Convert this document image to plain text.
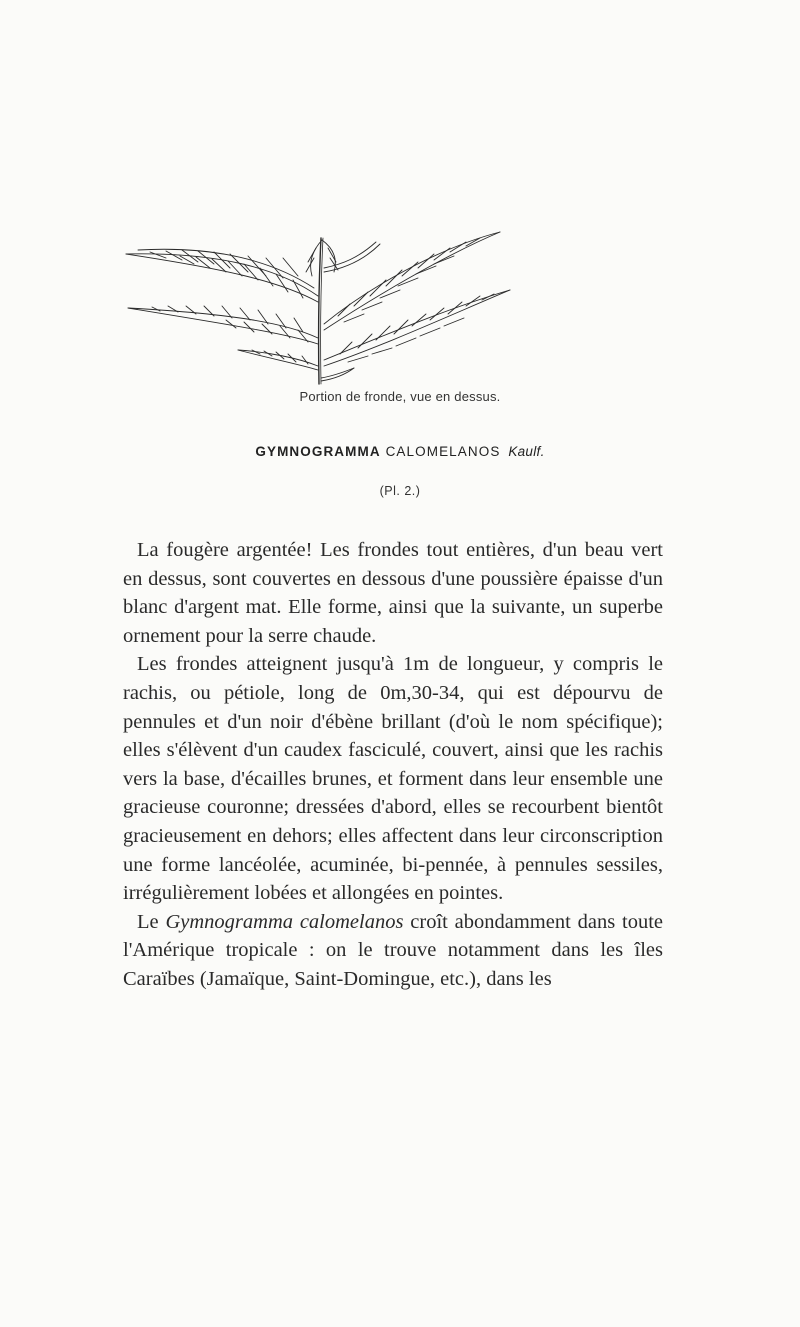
Portion de fronde, vue en dessus.
GYMNOGRAMMA CALOMELANOS Kaulf.
(Pl. 2.)

La fougère argentée! Les frondes tout entières, d'un beau vert en dessus, sont couvertes en dessous d'une poussière épaisse d'un blanc d'argent mat. Elle forme, ainsi que la suivante, un superbe ornement pour la serre chaude.

Les frondes atteignent jusqu'à 1m de longueur, y compris le rachis, ou pétiole, long de 0m,30-34, qui est dépourvu de pennules et d'un noir d'ébène brillant (d'où le nom spécifique); elles s'élèvent d'un caudex fasciculé, couvert, ainsi que les rachis vers la base, d'écailles brunes, et forment dans leur ensemble une gracieuse couronne; dressées d'abord, elles se recourbent bientôt gracieusement en dehors; elles affectent dans leur circonscription une forme lancéolée, acuminée, bi-pennée, à pennules sessiles, irrégulièrement lobées et allongées en pointes.

Le Gymnogramma calomelanos croît abondamment dans toute l'Amérique tropicale : on le trouve notamment dans les îles Caraïbes (Jamaïque, Saint-Domingue, etc.), dans les
